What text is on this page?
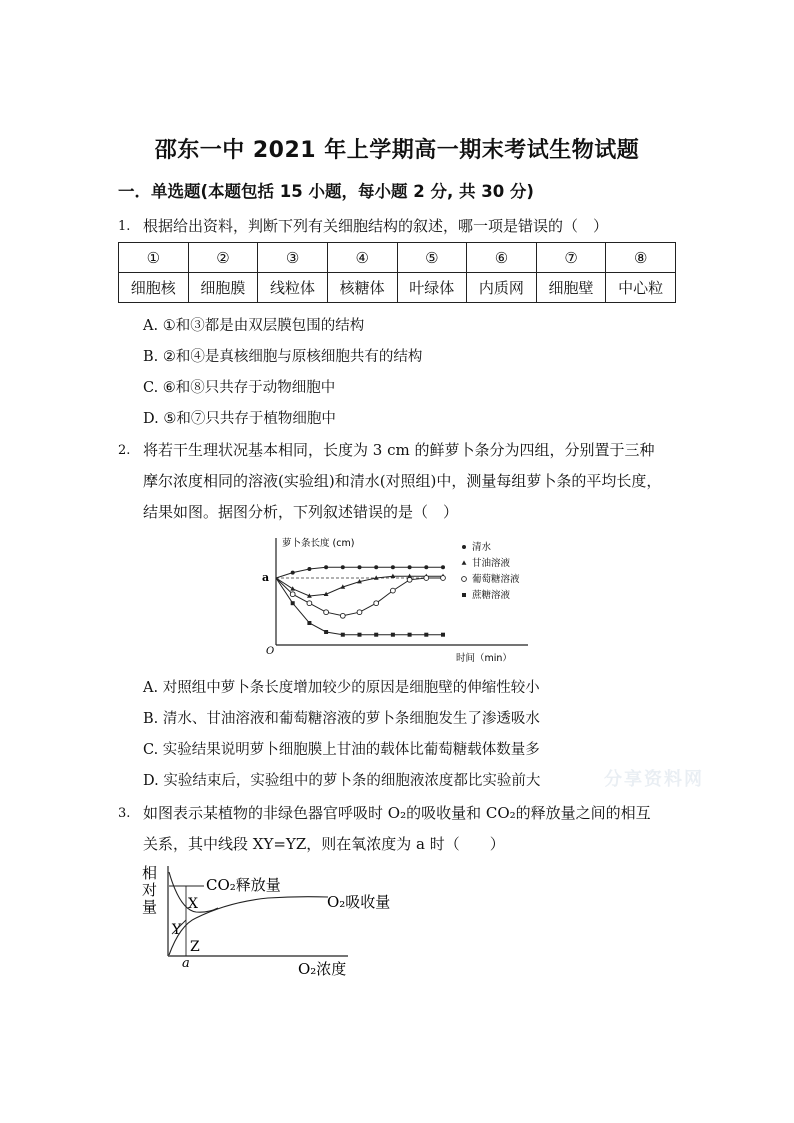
邵东一中 2021 年上学期高一期末考试生物试题
一．单选题(本题包括 15 小题，每小题 2 分, 共 30 分)
1. 根据给出资料，判断下列有关细胞结构的叙述，哪一项是错误的（　）
①	②	③	④	⑤	⑥	⑦	⑧
细胞核	细胞膜	线粒体	核糖体	叶绿体	内质网	细胞壁	中心粒
A. ①和③都是由双层膜包围的结构
B. ②和④是真核细胞与原核细胞共有的结构
C. ⑥和⑧只共存于动物细胞中
D. ⑤和⑦只共存于植物细胞中
2. 将若干生理状况基本相同，长度为 3 cm 的鲜萝卜条分为四组，分别置于三种
摩尔浓度相同的溶液(实验组)和清水(对照组)中，测量每组萝卜条的平均长度，
结果如图。据图分析，下列叙述错误的是（　）
萝卜条长度 (cm)
a
O
时间（min）
清水
甘油溶液
葡萄糖溶液
蔗糖溶液
A. 对照组中萝卜条长度增加较少的原因是细胞壁的伸缩性较小
B. 清水、甘油溶液和葡萄糖溶液的萝卜条细胞发生了渗透吸水
C. 实验结果说明萝卜细胞膜上甘油的载体比葡萄糖载体数量多
D. 实验结束后，实验组中的萝卜条的细胞液浓度都比实验前大	分享资料网
3. 如图表示某植物的非绿色器官呼吸时 O₂的吸收量和 CO₂的释放量之间的相互
关系，其中线段 XY=YZ，则在氧浓度为 a 时（　　）
相
对
量
CO₂释放量
O₂吸收量
X
Y
Z
a	O₂浓度
